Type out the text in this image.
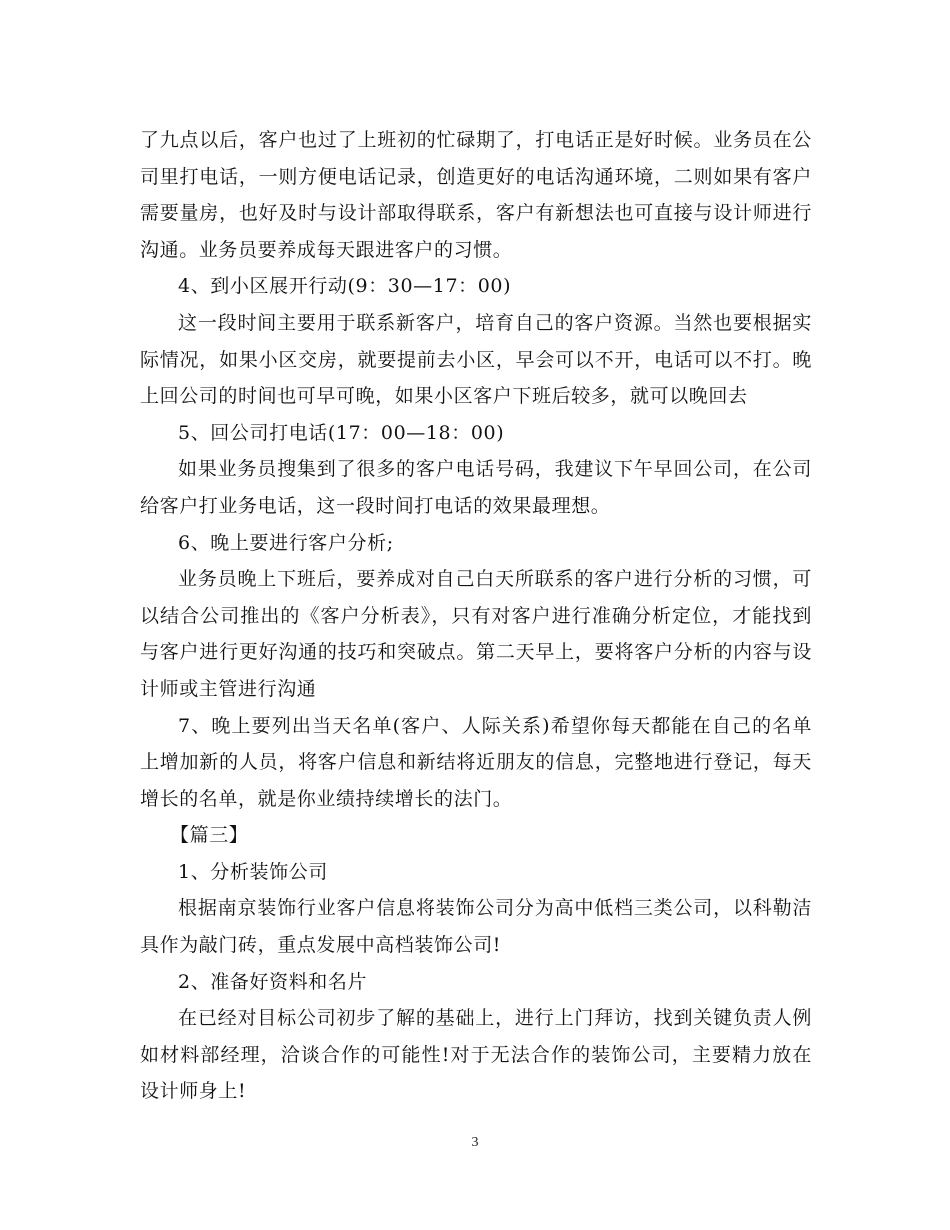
了九点以后，客户也过了上班初的忙碌期了，打电话正是好时候。业务员在公司里打电话，一则方便电话记录，创造更好的电话沟通环境，二则如果有客户需要量房，也好及时与设计部取得联系，客户有新想法也可直接与设计师进行沟通。业务员要养成每天跟进客户的习惯。

4、到小区展开行动(9：30—17：00)

这一段时间主要用于联系新客户，培育自己的客户资源。当然也要根据实际情况，如果小区交房，就要提前去小区，早会可以不开，电话可以不打。晚上回公司的时间也可早可晚，如果小区客户下班后较多，就可以晚回去

5、回公司打电话(17：00—18：00)

如果业务员搜集到了很多的客户电话号码，我建议下午早回公司，在公司给客户打业务电话，这一段时间打电话的效果最理想。

6、晚上要进行客户分析;

业务员晚上下班后，要养成对自己白天所联系的客户进行分析的习惯，可以结合公司推出的《客户分析表》，只有对客户进行准确分析定位，才能找到与客户进行更好沟通的技巧和突破点。第二天早上，要将客户分析的内容与设计师或主管进行沟通

7、晚上要列出当天名单(客户、人际关系)希望你每天都能在自己的名单上增加新的人员，将客户信息和新结将近朋友的信息，完整地进行登记，每天增长的名单，就是你业绩持续增长的法门。

【篇三】

1、分析装饰公司

根据南京装饰行业客户信息将装饰公司分为高中低档三类公司，以科勒洁具作为敲门砖，重点发展中高档装饰公司!

2、准备好资料和名片

在已经对目标公司初步了解的基础上，进行上门拜访，找到关键负责人例如材料部经理，洽谈合作的可能性!对于无法合作的装饰公司，主要精力放在设计师身上!

3
